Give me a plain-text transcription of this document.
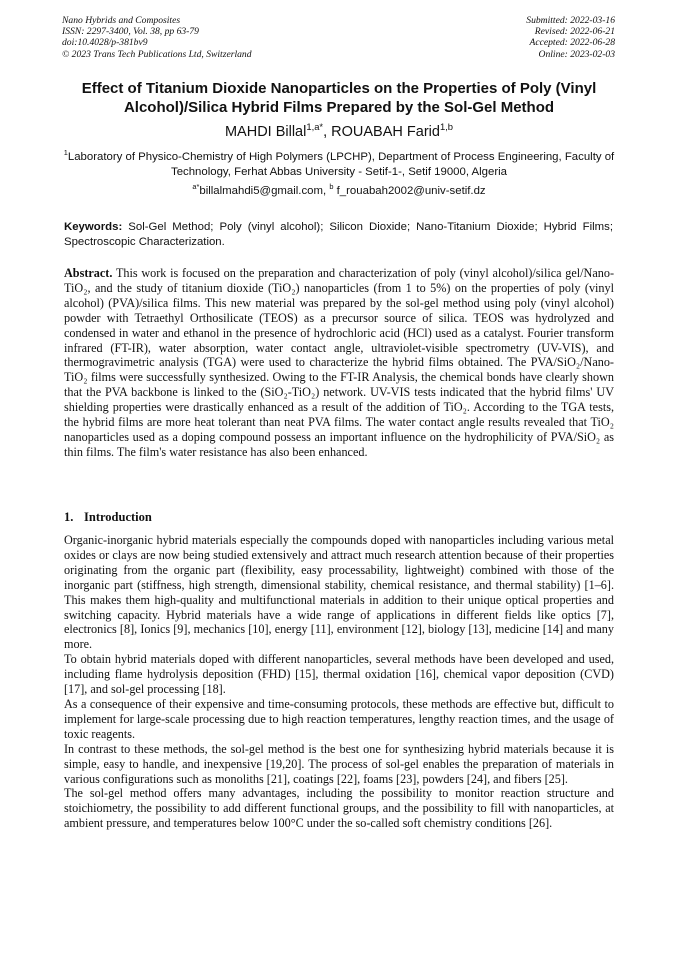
Nano Hybrids and Composites
ISSN: 2297-3400, Vol. 38, pp 63-79
doi:10.4028/p-381bv9
© 2023 Trans Tech Publications Ltd, Switzerland
Submitted: 2022-03-16
Revised: 2022-06-21
Accepted: 2022-06-28
Online: 2023-02-03
Effect of Titanium Dioxide Nanoparticles on the Properties of Poly (Vinyl Alcohol)/Silica Hybrid Films Prepared by the Sol-Gel Method
MAHDI Billal$^{1,a*}$, ROUABAH Farid$^{1,b}$
$^1$Laboratory of Physico-Chemistry of High Polymers (LPCHP), Department of Process Engineering, Faculty of Technology, Ferhat Abbas University - Setif-1-, Setif 19000, Algeria
$^{a*}$billalmahdi5@gmail.com, $^b$ f_rouabah2002@univ-setif.dz
Keywords: Sol-Gel Method; Poly (vinyl alcohol); Silicon Dioxide; Nano-Titanium Dioxide; Hybrid Films; Spectroscopic Characterization.
Abstract. This work is focused on the preparation and characterization of poly (vinyl alcohol)/silica gel/Nano-TiO₂, and the study of titanium dioxide (TiO₂) nanoparticles (from 1 to 5%) on the properties of poly (vinyl alcohol) (PVA)/silica films. This new material was prepared by the sol-gel method using poly (vinyl alcohol) powder with Tetraethyl Orthosilicate (TEOS) as a precursor source of silica. TEOS was hydrolyzed and condensed in water and ethanol in the presence of hydrochloric acid (HCl) used as a catalyst. Fourier transform infrared (FT-IR), water absorption, water contact angle, ultraviolet-visible spectrometry (UV-VIS), and thermogravimetric analysis (TGA) were used to characterize the hybrid films obtained. The PVA/SiO₂/Nano-TiO₂ films were successfully synthesized. Owing to the FT-IR Analysis, the chemical bonds have clearly shown that the PVA backbone is linked to the (SiO₂-TiO₂) network. UV-VIS tests indicated that the hybrid films' UV shielding properties were drastically enhanced as a result of the addition of TiO₂. According to the TGA tests, the hybrid films are more heat tolerant than neat PVA films. The water contact angle results revealed that TiO₂ nanoparticles used as a doping compound possess an important influence on the hydrophilicity of PVA/SiO₂ as thin films. The film's water resistance has also been enhanced.
1. Introduction

Organic-inorganic hybrid materials especially the compounds doped with nanoparticles including various metal oxides or clays are now being studied extensively and attract much research attention because of their properties originating from the organic part (flexibility, easy processability, lightweight) combined with those of the inorganic part (stiffness, high strength, dimensional stability, chemical resistance, and thermal stability) [1–6]. This makes them high-quality and multifunctional materials in addition to their unique optical properties and switching capacity. Hybrid materials have a wide range of applications in different fields like optics [7], electronics [8], Ionics [9], mechanics [10], energy [11], environment [12], biology [13], medicine [14] and many more.

To obtain hybrid materials doped with different nanoparticles, several methods have been developed and used, including flame hydrolysis deposition (FHD) [15], thermal oxidation [16], chemical vapor deposition (CVD) [17], and sol-gel processing [18].

As a consequence of their expensive and time-consuming protocols, these methods are effective but, difficult to implement for large-scale processing due to high reaction temperatures, lengthy reaction times, and the usage of toxic reagents.

In contrast to these methods, the sol-gel method is the best one for synthesizing hybrid materials because it is simple, easy to handle, and inexpensive [19,20]. The process of sol-gel enables the preparation of materials in various configurations such as monoliths [21], coatings [22], foams [23], powders [24], and fibers [25].

The sol-gel method offers many advantages, including the possibility to monitor reaction structure and stoichiometry, the possibility to add different functional groups, and the possibility to fill with nanoparticles, at ambient pressure, and temperatures below 100°C under the so-called soft chemistry conditions [26].
